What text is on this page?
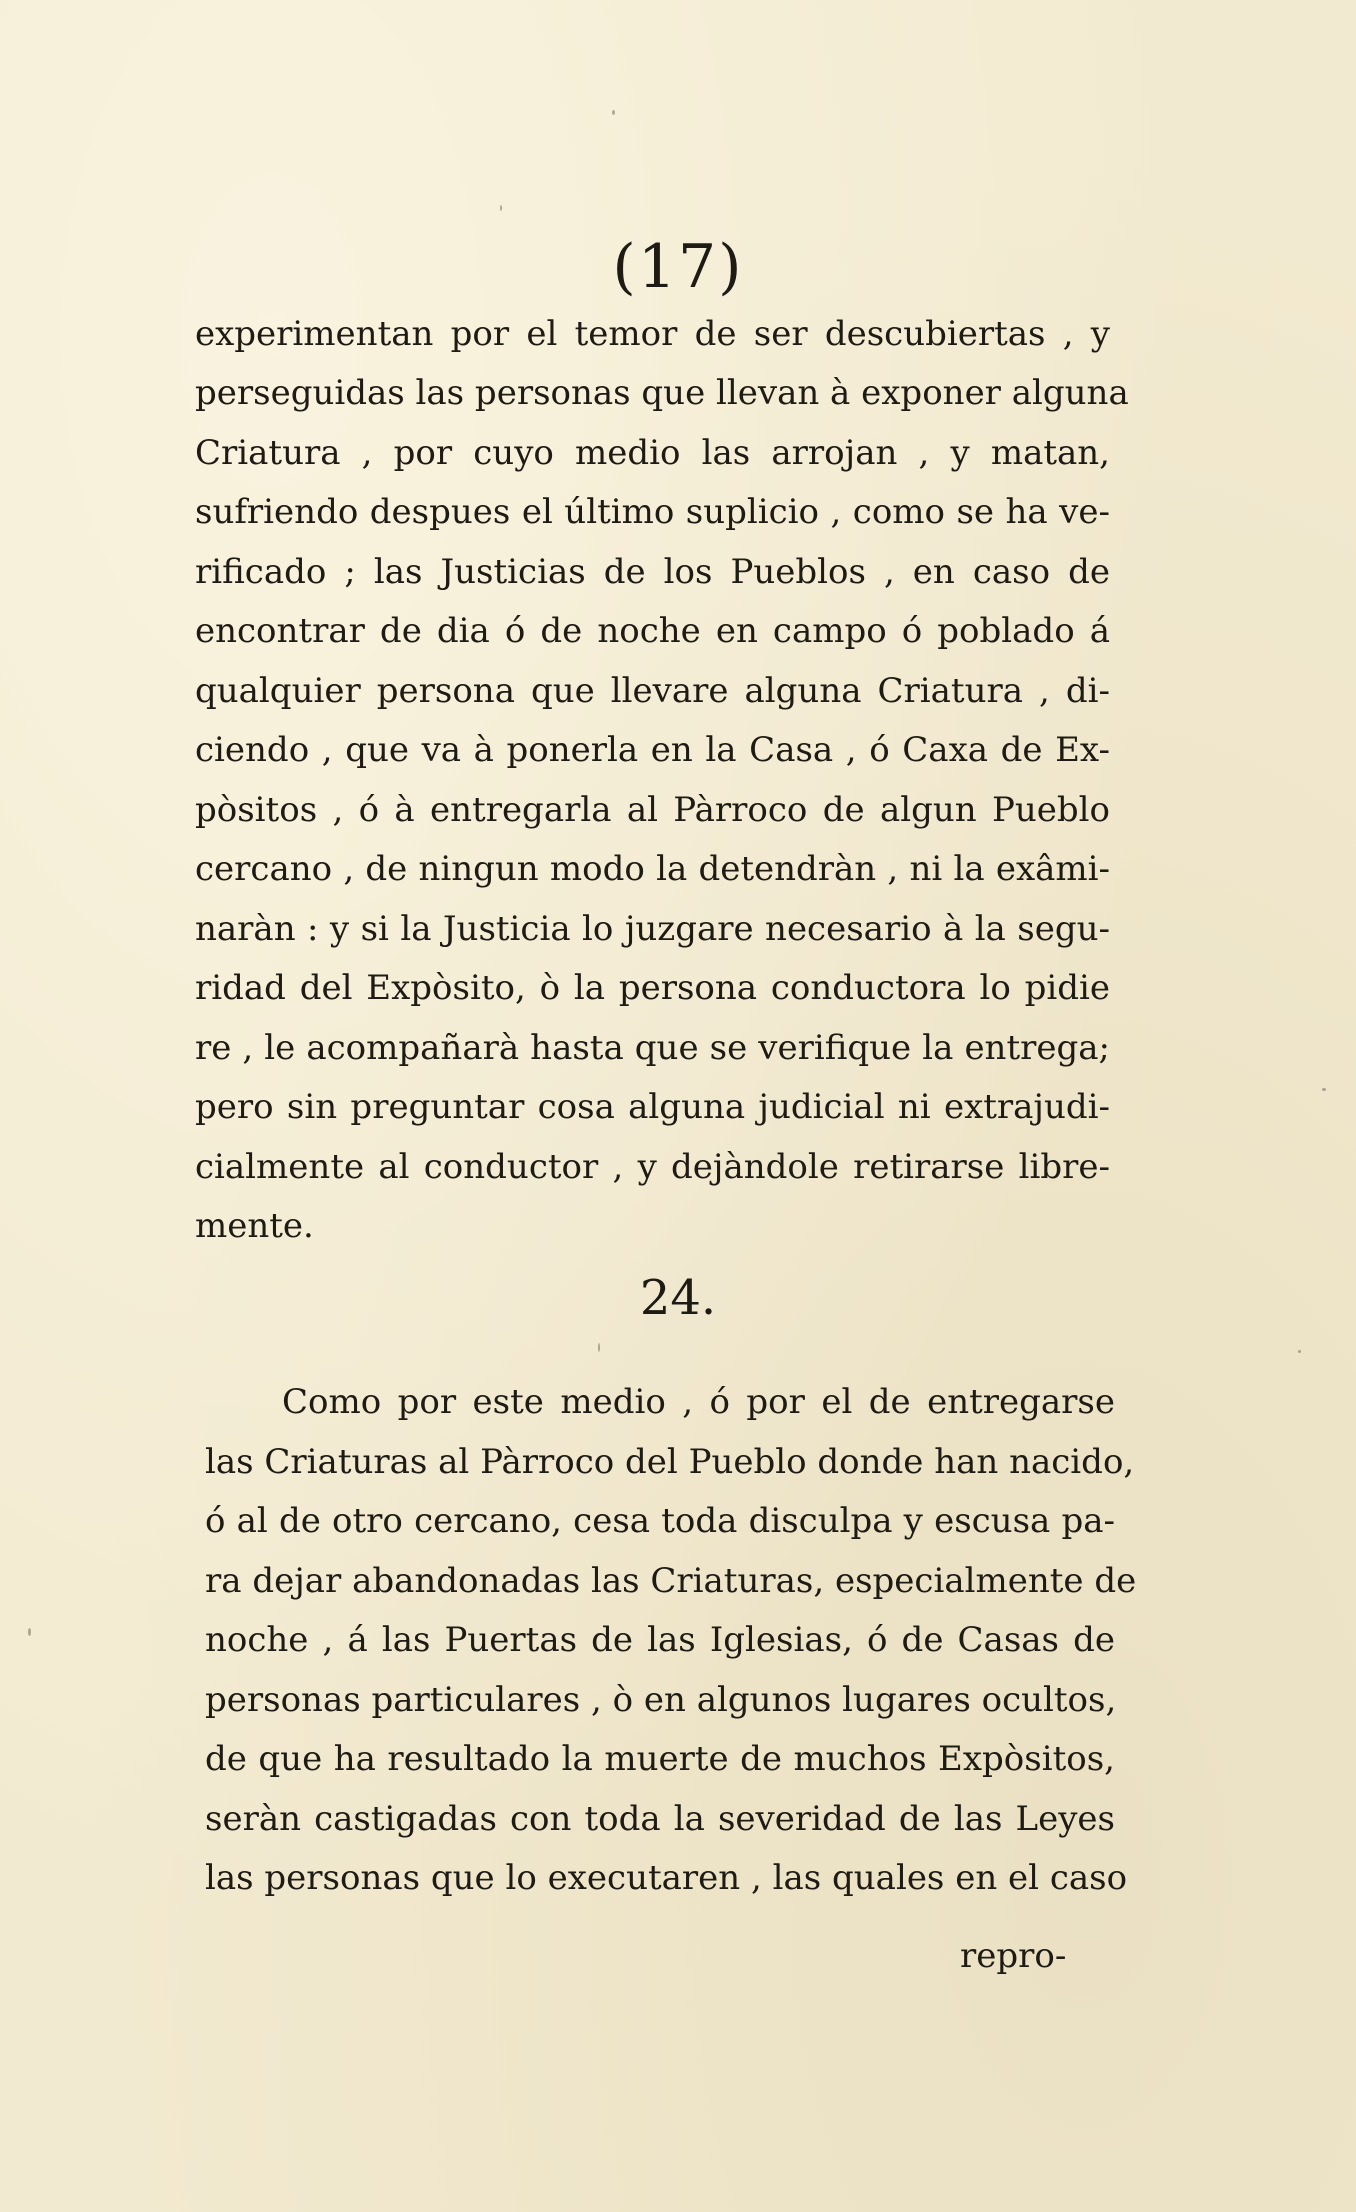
(17)
experimentan por el temor de ser descubiertas , y
perseguidas las personas que llevan à exponer alguna
Criatura , por cuyo medio las arrojan , y matan,
sufriendo despues el último suplicio , como se ha ve-
rificado ; las Justicias de los Pueblos , en caso de
encontrar de dia ó de noche en campo ó poblado á
qualquier persona que llevare alguna Criatura , di-
ciendo , que va à ponerla en la Casa , ó Caxa de Ex-
pòsitos , ó à entregarla al Pàrroco de algun Pueblo
cercano , de ningun modo la detendràn , ni la exâmi-
naràn : y si la Justicia lo juzgare necesario à la segu-
ridad del Expòsito, ò la persona conductora lo pidie
re , le acompañarà hasta que se verifique la entrega;
pero sin preguntar cosa alguna judicial ni extrajudi-
cialmente al conductor , y dejàndole retirarse libre-
mente.
24.
Como por este medio , ó por el de entregarse
las Criaturas al Pàrroco del Pueblo donde han nacido,
ó al de otro cercano, cesa toda disculpa y escusa pa-
ra dejar abandonadas las Criaturas, especialmente de
noche , á las Puertas de las Iglesias, ó de Casas de
personas particulares , ò en algunos lugares ocultos,
de que ha resultado la muerte de muchos Expòsitos,
seràn castigadas con toda la severidad de las Leyes
las personas que lo executaren , las quales en el caso
repro-
